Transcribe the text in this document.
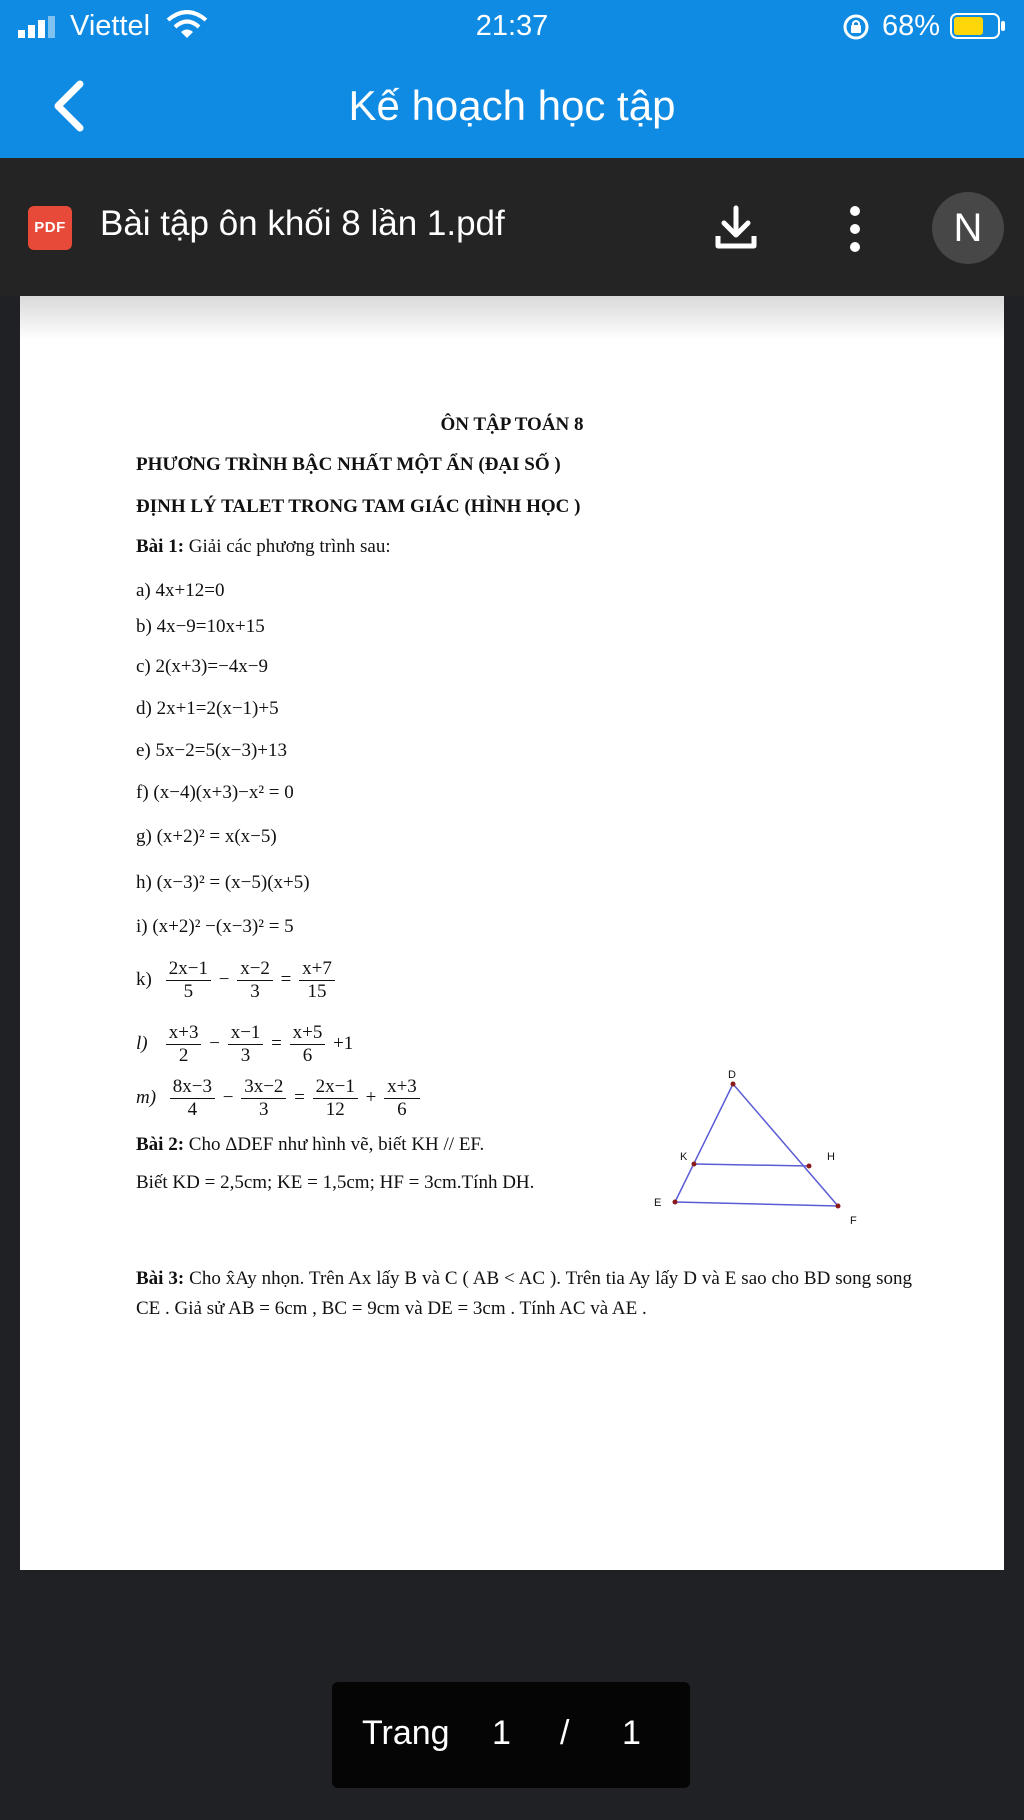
Viettel	21:37	68%
Kế hoạch học tập
PDF Bài tập ôn khối 8 lần 1.pdf	N
ÔN TẬP TOÁN 8
PHƯƠNG TRÌNH BẬC NHẤT MỘT ẨN (ĐẠI SỐ )
ĐỊNH LÝ TALET TRONG TAM GIÁC (HÌNH HỌC )
Bài 1: Giải các phương trình sau:
a) 4x+12=0
b) 4x−9=10x+15
c) 2(x+3)=−4x−9
d) 2x+1=2(x−1)+5
e) 5x−2=5(x−3)+13
f) (x−4)(x+3)−x² = 0
g) (x+2)² = x(x−5)
h) (x−3)² = (x−5)(x+5)
i) (x+2)² −(x−3)² = 5
$k) \frac{2x-1}{5} - \frac{x-2}{3} = \frac{x+7}{15}$
$l) \frac{x+3}{2} - \frac{x-1}{3} = \frac{x+5}{6} +1$
$m) \frac{8x-3}{4} - \frac{3x-2}{3} = \frac{2x-1}{12} + \frac{x+3}{6}$
Bài 2: Cho ΔDEF như hình vẽ, biết KH // EF.
Biết KD = 2,5cm; KE = 1,5cm; HF = 3cm.Tính DH.
D
E
F
K	H
Bài 3: Cho x̂Ay nhọn. Trên Ax lấy B và C ( AB < AC ). Trên tia Ay lấy D và E sao cho BD song song CE . Giả sử AB = 6cm , BC = 9cm và DE = 3cm . Tính AC và AE .
Trang 1 / 1
